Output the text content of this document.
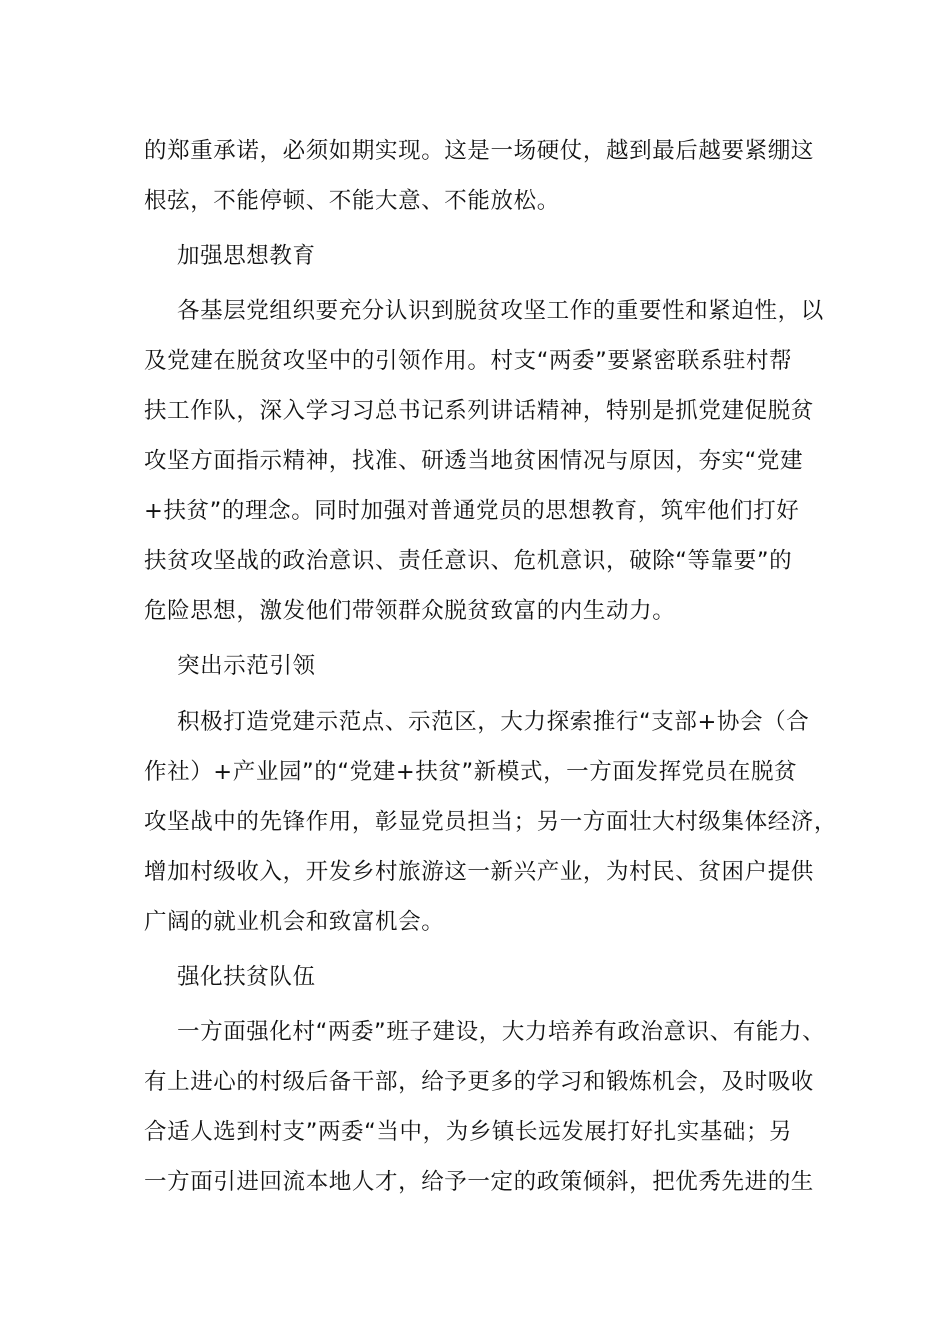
的郑重承诺，必须如期实现。这是一场硬仗，越到最后越要紧绷这
根弦，不能停顿、不能大意、不能放松。
加强思想教育
各基层党组织要充分认识到脱贫攻坚工作的重要性和紧迫性，以
及党建在脱贫攻坚中的引领作用。村支“两委”要紧密联系驻村帮
扶工作队，深入学习习总书记系列讲话精神，特别是抓党建促脱贫
攻坚方面指示精神，找准、研透当地贫困情况与原因，夯实“党建
+扶贫”的理念。同时加强对普通党员的思想教育，筑牢他们打好
扶贫攻坚战的政治意识、责任意识、危机意识，破除“等靠要”的
危险思想，激发他们带领群众脱贫致富的内生动力。
突出示范引领
积极打造党建示范点、示范区，大力探索推行“支部+协会（合
作社）+产业园”的“党建+扶贫”新模式，一方面发挥党员在脱贫
攻坚战中的先锋作用，彰显党员担当；另一方面壮大村级集体经济，
增加村级收入，开发乡村旅游这一新兴产业，为村民、贫困户提供
广阔的就业机会和致富机会。
强化扶贫队伍
一方面强化村“两委”班子建设，大力培养有政治意识、有能力、
有上进心的村级后备干部，给予更多的学习和锻炼机会，及时吸收
合适人选到村支”两委“当中，为乡镇长远发展打好扎实基础；另
一方面引进回流本地人才，给予一定的政策倾斜，把优秀先进的生
